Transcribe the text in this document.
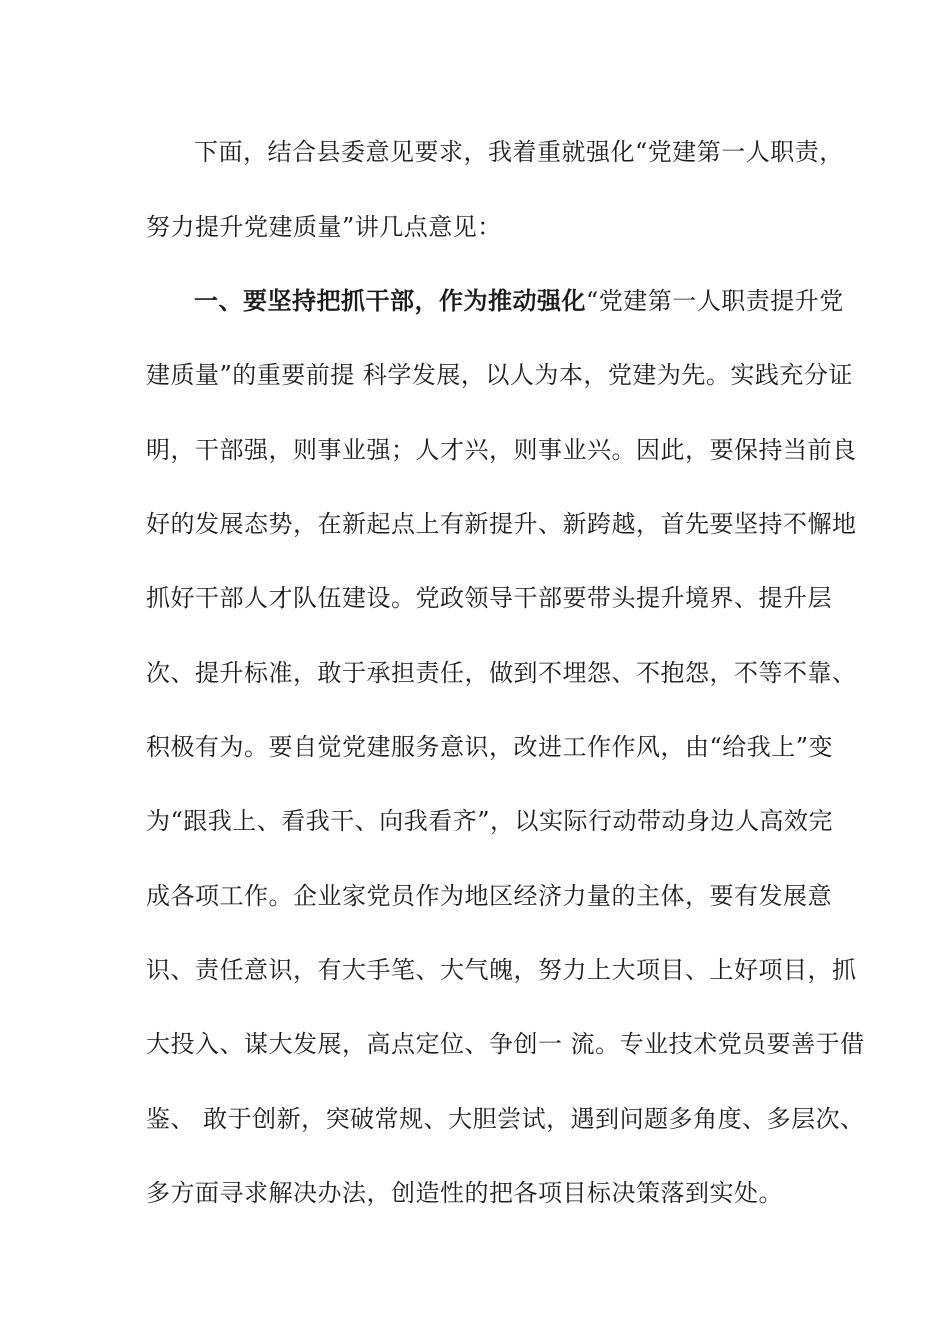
下面，结合县委意见要求，我着重就强化“党建第一人职责，
努力提升党建质量”讲几点意见：
一、要坚持把抓干部，作为推动强化“党建第一人职责提升党
建质量”的重要前提 科学发展，以人为本，党建为先。实践充分证
明，干部强，则事业强；人才兴，则事业兴。因此，要保持当前良
好的发展态势，在新起点上有新提升、新跨越，首先要坚持不懈地
抓好干部人才队伍建设。党政领导干部要带头提升境界、提升层
次、提升标准，敢于承担责任，做到不埋怨、不抱怨，不等不靠、
积极有为。要自觉党建服务意识，改进工作作风，由“给我上”变
为“跟我上、看我干、向我看齐”，以实际行动带动身边人高效完
成各项工作。企业家党员作为地区经济力量的主体，要有发展意
识、责任意识，有大手笔、大气魄，努力上大项目、上好项目，抓
大投入、谋大发展，高点定位、争创一 流。专业技术党员要善于借
鉴、 敢于创新，突破常规、大胆尝试，遇到问题多角度、多层次、
多方面寻求解决办法，创造性的把各项目标决策落到实处。
